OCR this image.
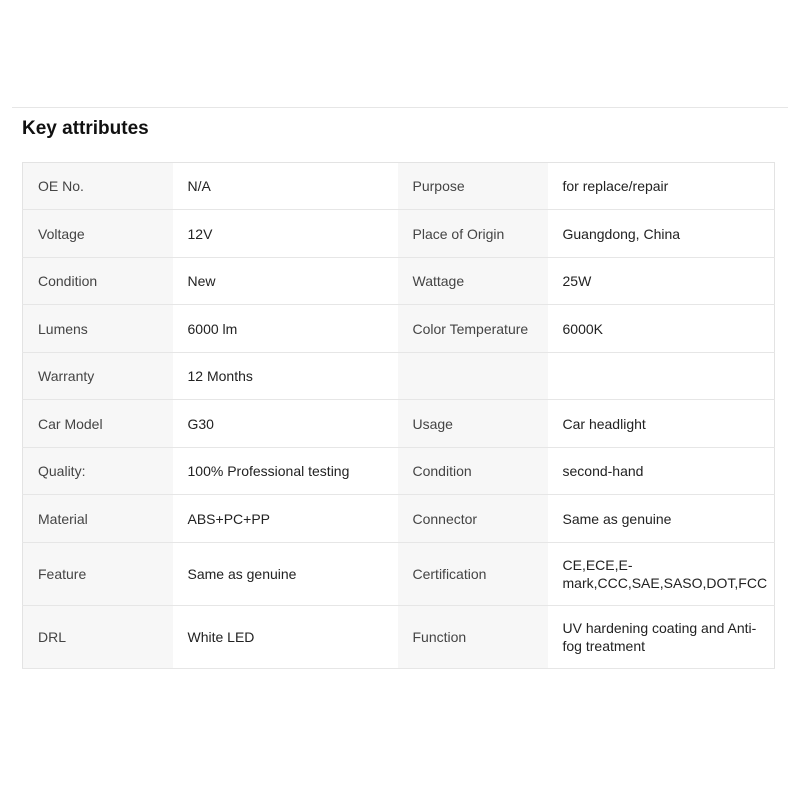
Key attributes
OE No.	N/A	Purpose	for replace/repair
Voltage	12V	Place of Origin	Guangdong, China
Condition	New	Wattage	25W
Lumens	6000 lm	Color Temperature	6000K
Warranty	12 Months		
Car Model	G30	Usage	Car headlight
Quality:	100% Professional testing	Condition	second-hand
Material	ABS+PC+PP	Connector	Same as genuine
Feature	Same as genuine	Certification	CE,ECE,E-mark,CCC,SAE,SASO,DOT,FCC
DRL	White LED	Function	UV hardening coating and Anti-fog treatment
